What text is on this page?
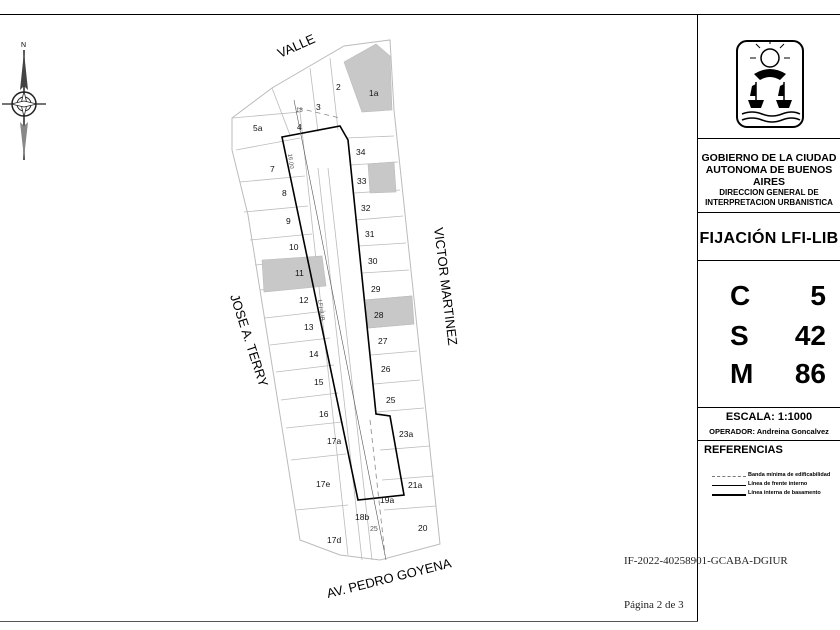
N	VALLE
VICTOR MARTINEZ
JOSE A. TERRY
AV. PEDRO GOYENA
LFI=LIB
18
16.00
25
1a
2
3
4
5a
7
8
9
10
11
12
13
14
15
16
17a
17e
17d
18b
19a
20
21a
23a
25
26
27
28
29
30
31
32
33
34	GOBIERNO DE LA CIUDAD
AUTONOMA DE BUENOS AIRES
DIRECCION GENERAL DE
INTERPRETACION URBANISTICA
FIJACIÓN LFI-LIB
C 5
S 42
M 86
ESCALA: 1:1000
OPERADOR: Andreina Goncalvez
REFERENCIAS
Banda mínima de edificabilidad
Línea de frente interno
Línea interna de basamento
IF-2022-40258901-GCABA-DGIUR
Página 2 de 3
